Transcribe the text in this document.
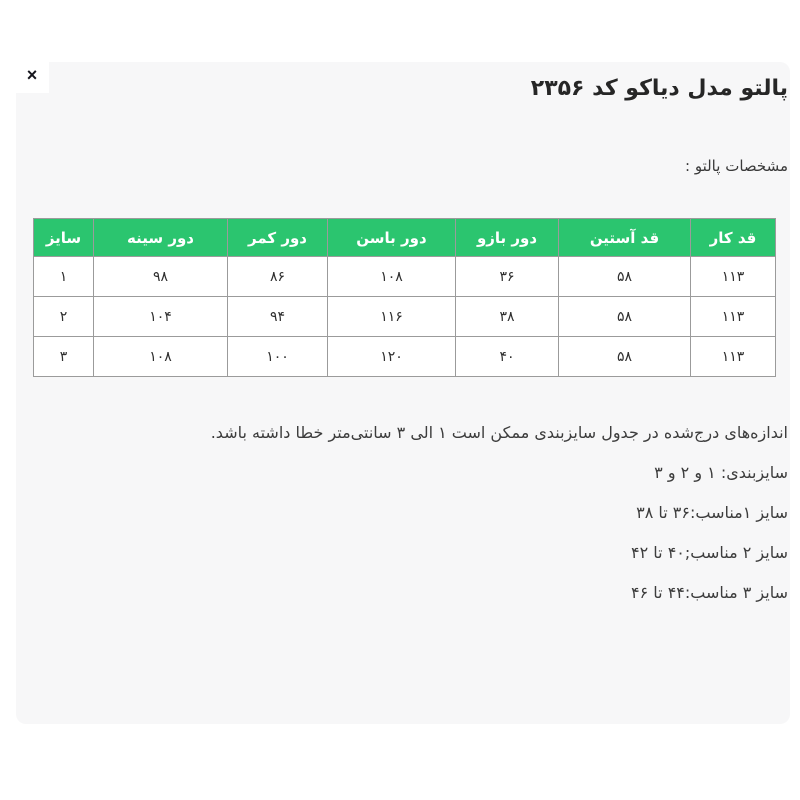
×
پالتو مدل دیاکو کد ۲۳۵۶
مشخصات پالتو :
سایز	دور سینه	دور کمر	دور باسن	دور بازو	قد آستین	قد کار
۱	۹۸	۸۶	۱۰۸	۳۶	۵۸	۱۱۳
۲	۱۰۴	۹۴	۱۱۶	۳۸	۵۸	۱۱۳
۳	۱۰۸	۱۰۰	۱۲۰	۴۰	۵۸	۱۱۳
اندازه‌های درج‌شده در جدول سایزبندی ممکن است ۱ الی ۳ سانتی‌متر خطا داشته باشد.
سایزبندی: ۱ و ۲ و ۳
سایز ۱مناسب:۳۶ تا ۳۸
سایز ۲ مناسب;۴۰ تا ۴۲
سایز ۳ مناسب:۴۴ تا ۴۶
